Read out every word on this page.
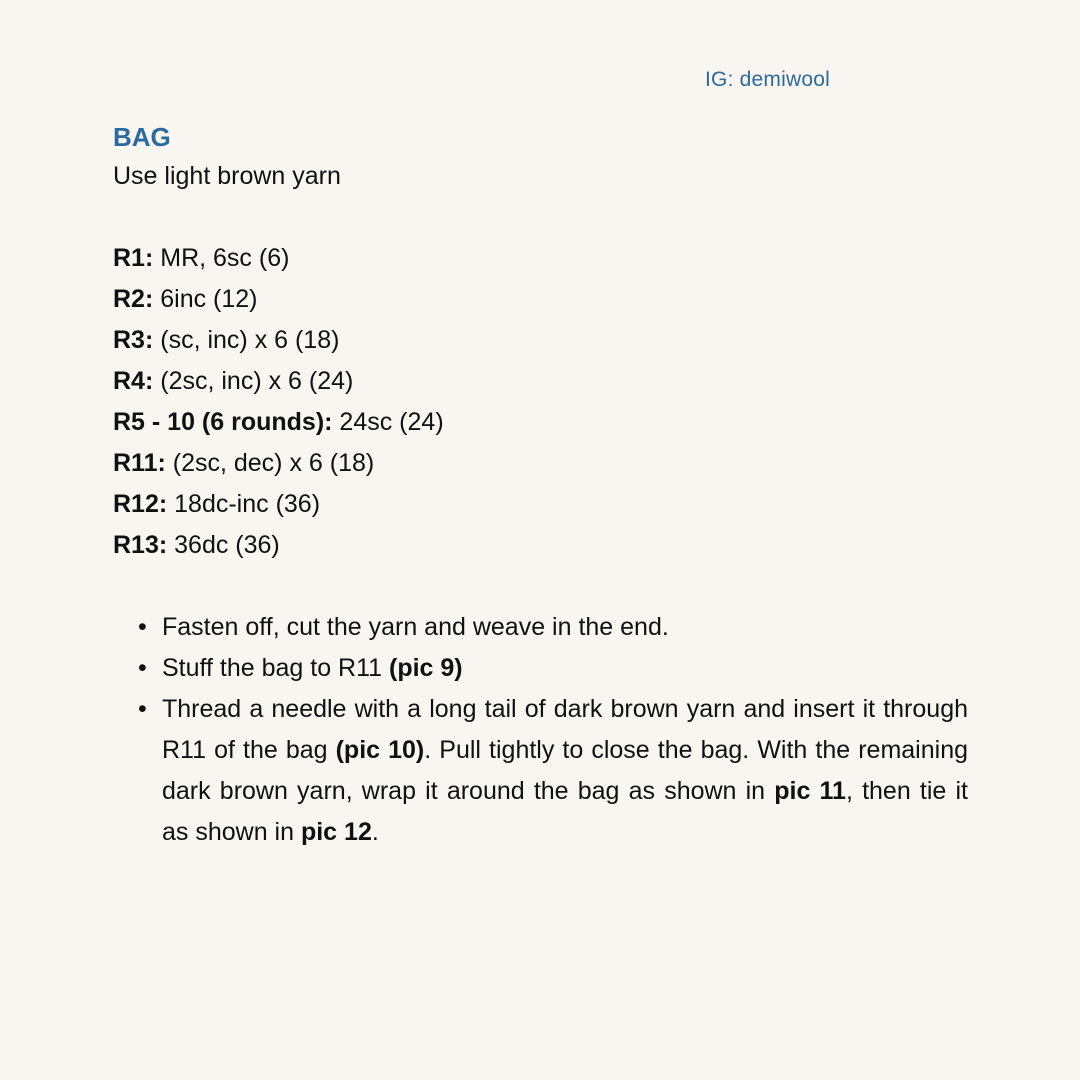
IG: demiwool

BAG

Use light brown yarn

R1: MR, 6sc (6)

R2: 6inc (12)

R3: (sc, inc) x 6 (18)

R4: (2sc, inc) x 6 (24)

R5 - 10 (6 rounds): 24sc (24)

R11: (2sc, dec) x 6 (18)

R12: 18dc-inc (36)

R13: 36dc (36)

• Fasten off, cut the yarn and weave in the end.
• Stuff the bag to R11 (pic 9)
• Thread a needle with a long tail of dark brown yarn and insert it through R11 of the bag (pic 10). Pull tightly to close the bag. With the remaining dark brown yarn, wrap it around the bag as shown in pic 11, then tie it as shown in pic 12.
